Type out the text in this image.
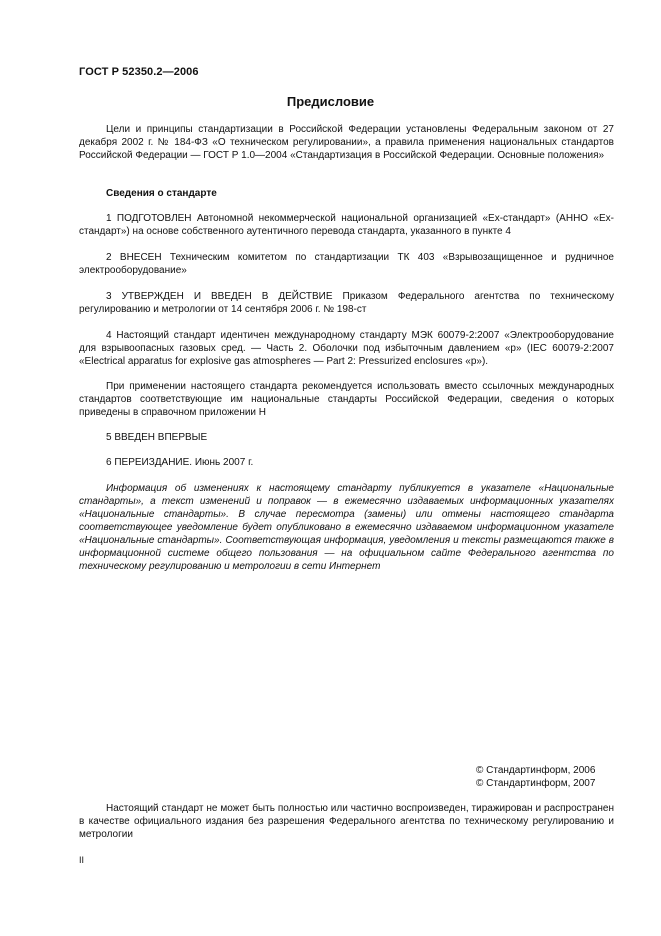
ГОСТ Р 52350.2—2006
Предисловие

Цели и принципы стандартизации в Российской Федерации установлены Федеральным законом от 27 декабря 2002 г. № 184-ФЗ «О техническом регулировании», а правила применения национальных стандартов Российской Федерации — ГОСТ Р 1.0—2004 «Стандартизация в Российской Федерации. Основные положения»

Сведения о стандарте

1 ПОДГОТОВЛЕН Автономной некоммерческой национальной организацией «Ех-стандарт» (АННО «Ех-стандарт») на основе собственного аутентичного перевода стандарта, указанного в пункте 4

2 ВНЕСЕН Техническим комитетом по стандартизации ТК 403 «Взрывозащищенное и рудничное электрооборудование»

3 УТВЕРЖДЕН И ВВЕДЕН В ДЕЙСТВИЕ Приказом Федерального агентства по техническому регулированию и метрологии от 14 сентября 2006 г. № 198-ст

4 Настоящий стандарт идентичен международному стандарту МЭК 60079-2:2007 «Электрооборудование для взрывоопасных газовых сред. — Часть 2. Оболочки под избыточным давлением «р» (IEC 60079-2:2007 «Electrical apparatus for explosive gas atmospheres — Part 2: Pressurized enclosures «р»).

При применении настоящего стандарта рекомендуется использовать вместо ссылочных международных стандартов соответствующие им национальные стандарты Российской Федерации, сведения о которых приведены в справочном приложении Н

5 ВВЕДЕН ВПЕРВЫЕ

6 ПЕРЕИЗДАНИЕ. Июнь 2007 г.

Информация об изменениях к настоящему стандарту публикуется в указателе «Национальные стандарты», а текст изменений и поправок — в ежемесячно издаваемых информационных указателях «Национальные стандарты». В случае пересмотра (замены) или отмены настоящего стандарта соответствующее уведомление будет опубликовано в ежемесячно издаваемом информационном указателе «Национальные стандарты». Соответствующая информация, уведомления и тексты размещаются также в информационной системе общего пользования — на официальном сайте Федерального агентства по техническому регулированию и метрологии в сети Интернет

© Стандартинформ, 2006
© Стандартинформ, 2007

Настоящий стандарт не может быть полностью или частично воспроизведен, тиражирован и распространен в качестве официального издания без разрешения Федерального агентства по техническому регулированию и метрологии

II
